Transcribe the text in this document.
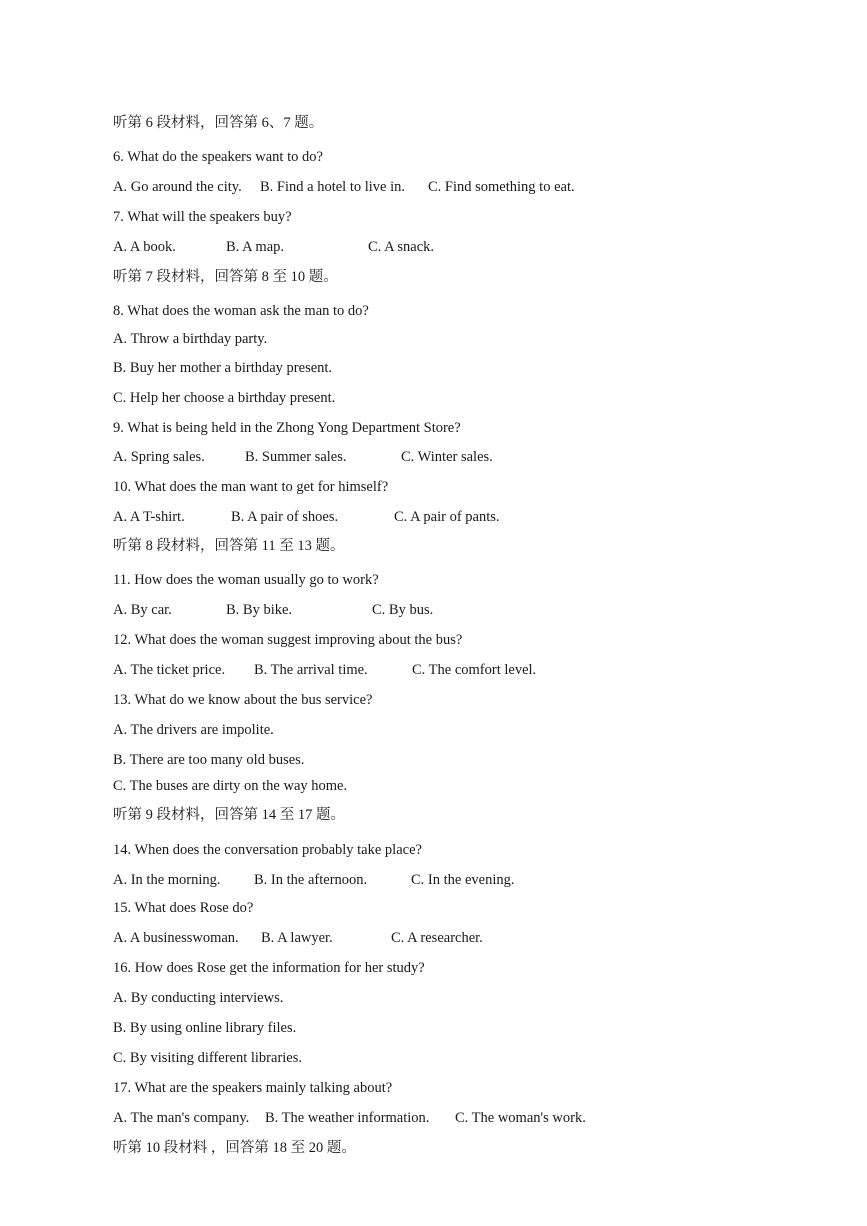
听第 6 段材料，回答第 6、7 题。
6. What do the speakers want to do?
A. Go around the city. B. Find a hotel to live in. C. Find something to eat.
7. What will the speakers buy?
A. A book.	B. A map.	C. A snack.
听第 7 段材料，回答第 8 至 10 题。
8. What does the woman ask the man to do?
A. Throw a birthday party.
B. Buy her mother a birthday present.
C. Help her choose a birthday present.
9. What is being held in the Zhong Yong Department Store?
A. Spring sales.	B. Summer sales.	C. Winter sales.
10. What does the man want to get for himself?
A. A T-shirt.	B. A pair of shoes.	C. A pair of pants.
听第 8 段材料，回答第 11 至 13 题。
11. How does the woman usually go to work?
A. By car.	B. By bike.	C. By bus.
12. What does the woman suggest improving about the bus?
A. The ticket price. B. The arrival time.	C. The comfort level.
13. What do we know about the bus service?
A. The drivers are impolite.
B. There are too many old buses.
C. The buses are dirty on the way home.
听第 9 段材料，回答第 14 至 17 题。
14. When does the conversation probably take place?
A. In the morning. B. In the afternoon.	C. In the evening.
15. What does Rose do?
A. A businesswoman. B. A lawyer.	C. A researcher.
16. How does Rose get the information for her study?
A. By conducting interviews.
B. By using online library files.
C. By visiting different libraries.
17. What are the speakers mainly talking about?
A. The man's company. B. The weather information. C. The woman's work.
听第 10 段材料 ，回答第 18 至 20 题。
